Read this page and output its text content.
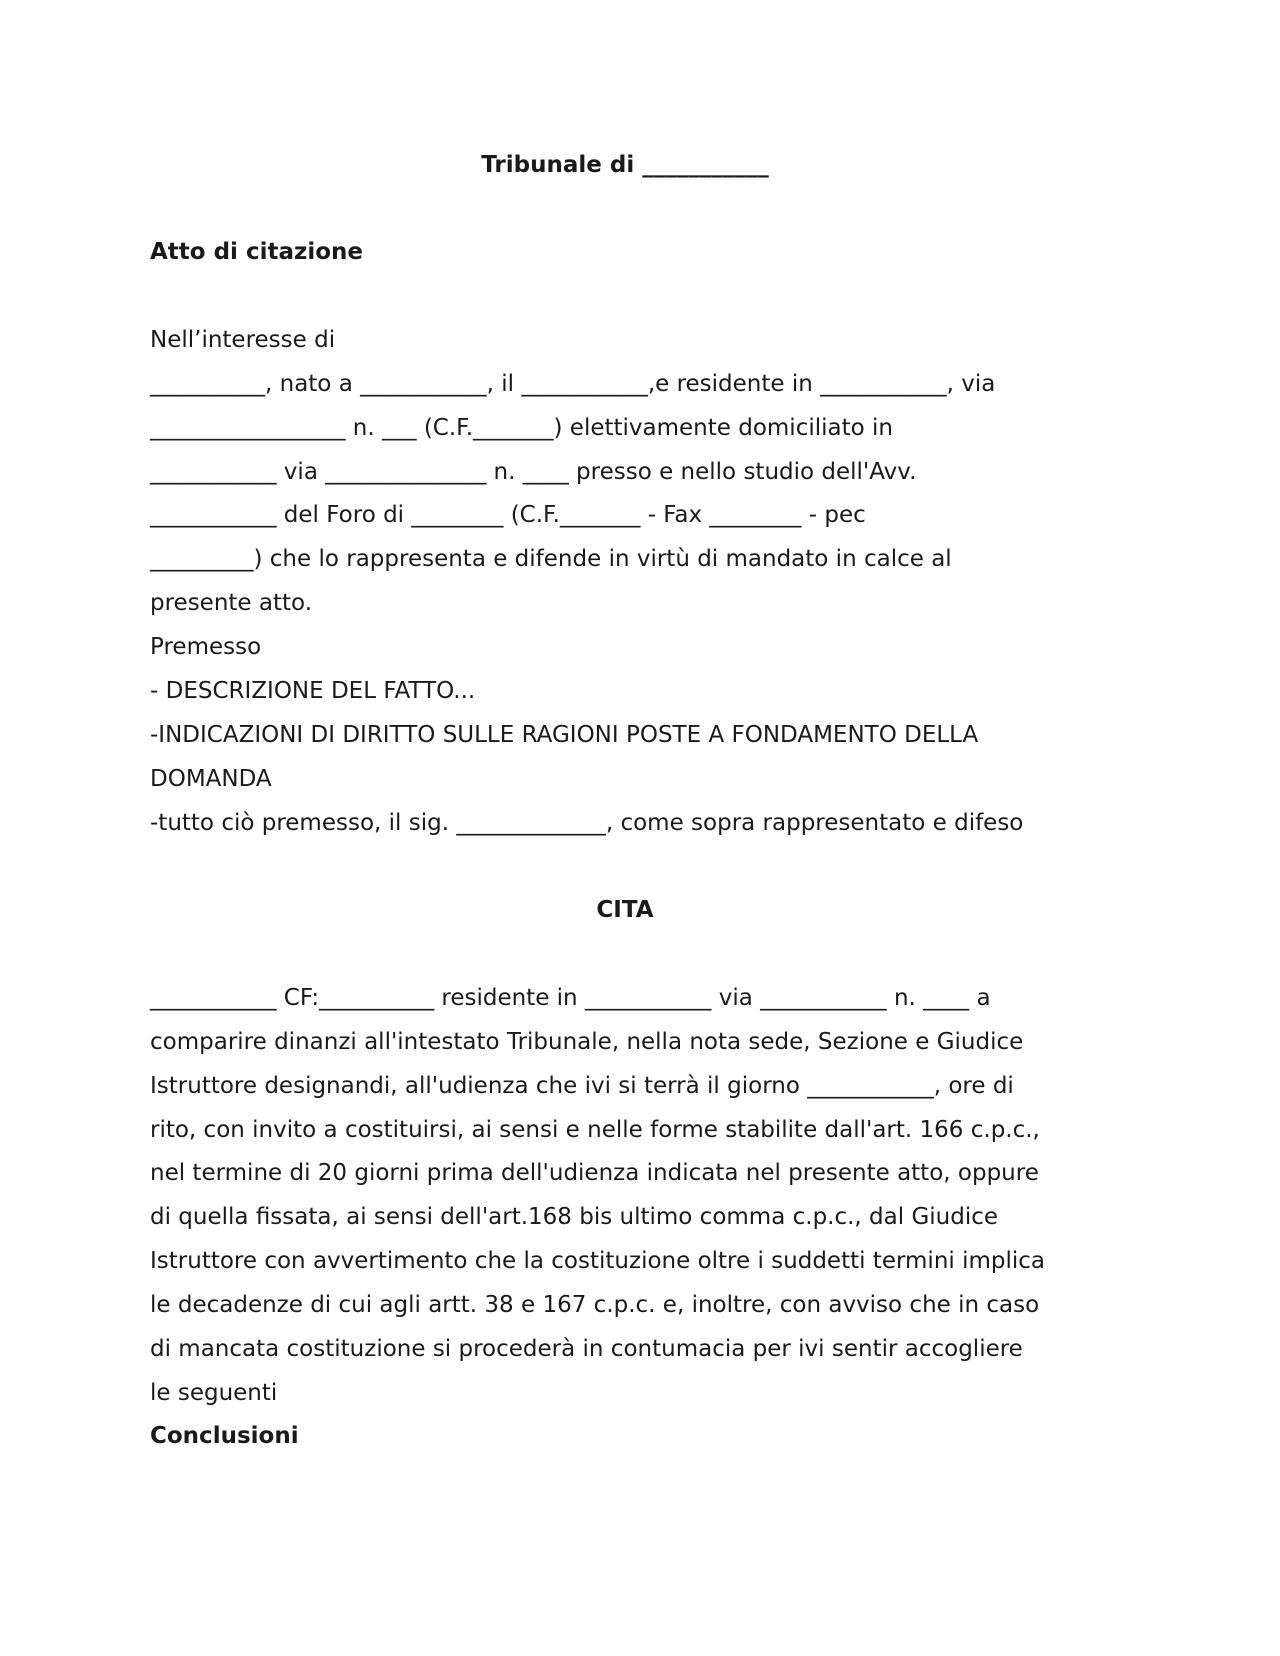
Tribunale di ___________
Atto di citazione
Nell’interesse di
__________, nato a ___________, il ___________,e residente in ___________, via
_________________ n. ___ (C.F._______) elettivamente domiciliato in
___________ via ______________ n. ____ presso e nello studio dell'Avv.
___________ del Foro di ________ (C.F._______ - Fax ________ - pec
_________) che lo rappresenta e difende in virtù di mandato in calce al
presente atto.
Premesso
- DESCRIZIONE DEL FATTO...
-INDICAZIONI DI DIRITTO SULLE RAGIONI POSTE A FONDAMENTO DELLA
DOMANDA
-tutto ciò premesso, il sig. _____________, come sopra rappresentato e difeso
CITA
___________ CF:__________ residente in ___________ via ___________ n. ____ a
comparire dinanzi all'intestato Tribunale, nella nota sede, Sezione e Giudice
Istruttore designandi, all'udienza che ivi si terrà il giorno ___________, ore di
rito, con invito a costituirsi, ai sensi e nelle forme stabilite dall'art. 166 c.p.c.,
nel termine di 20 giorni prima dell'udienza indicata nel presente atto, oppure
di quella fissata, ai sensi dell'art.168 bis ultimo comma c.p.c., dal Giudice
Istruttore con avvertimento che la costituzione oltre i suddetti termini implica
le decadenze di cui agli artt. 38 e 167 c.p.c. e, inoltre, con avviso che in caso
di mancata costituzione si procederà in contumacia per ivi sentir accogliere
le seguenti
Conclusioni
